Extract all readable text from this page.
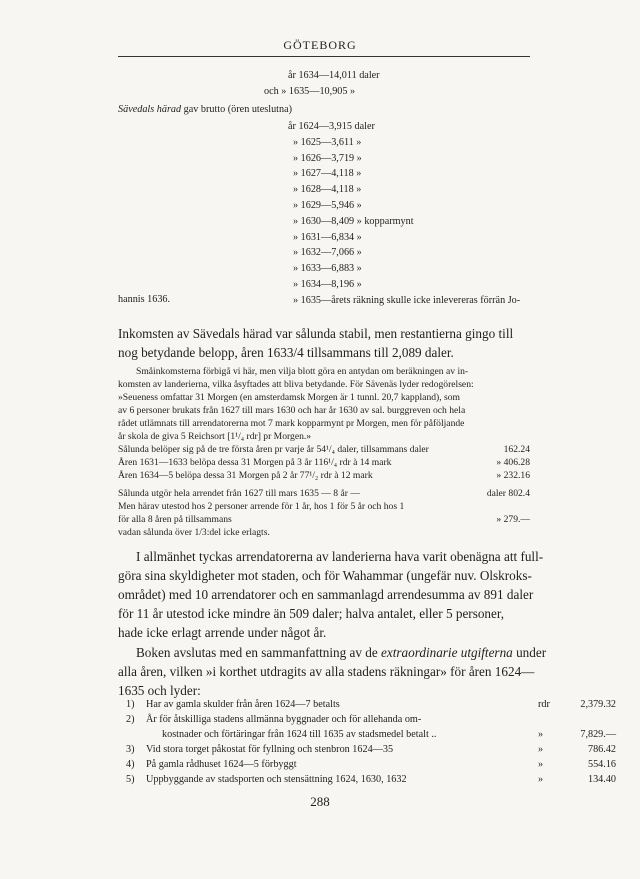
GÖTEBORG
år 1634—14,011 daler
och » 1635—10,905 »
Sävedals härad gav brutto (ören uteslutna)
år 1624—3,915 daler
» 1625—3,611 »
» 1626—3,719 »
» 1627—4,118 »
» 1628—4,118 »
» 1629—5,946 »
» 1630—8,409 » kopparmynt
» 1631—6,834 »
» 1632—7,066 »
» 1633—6,883 »
» 1634—8,196 »
» 1635—årets räkning skulle icke inlevereras förrän Jo-
hannis 1636.
Inkomsten av Sävedals härad var sålunda stabil, men restantierna gingo till
nog betydande belopp, åren 1633/4 tillsammans till 2,089 daler.
Småinkomsterna förbigå vi här, men vilja blott göra en antydan om beräkningen av in-
komsten av landerierna, vilka åsyftades att bliva betydande. För Sävenäs lyder redogörelsen:
»Seueness omfattar 31 Morgen (en amsterdamsk Morgen är 1 tunnl. 20,7 kappland), som
av 6 personer brukats från 1627 till mars 1630 och har år 1630 av sal. burggreven och hela
rådet utlämnats till arrendatorerna mot 7 mark kopparmynt pr Morgen, men för påföljande
år skola de giva 5 Reichsort [1¹/₄ rdr] pr Morgen.»
Sålunda belöper sig på de tre första åren pr varje år 54¹/₄ daler, tillsammans daler	162.24
Åren 1631—1633 belöpa dessa 31 Morgen på 3 år 116¹/₄ rdr à 14 mark	» 406.28
Åren 1634—5 belöpa dessa 31 Morgen på 2 år 77¹/₂ rdr à 12 mark	» 232.16
Sålunda utgör hela arrendet från 1627 till mars 1635 — 8 år —	daler 802.4
Men härav utestod hos 2 personer arrende för 1 år, hos 1 för 5 år och hos 1
för alla 8 åren på tillsammans	» 279.—
vadan sålunda över 1/3:del icke erlagts.
I allmänhet tyckas arrendatorerna av landerierna hava varit obenägna att full-
göra sina skyldigheter mot staden, och för Wahammar (ungefär nuv. Olskroks-
området) med 10 arrendatorer och en sammanlagd arrendesumma av 891 daler
för 11 år utestod icke mindre än 509 daler; halva antalet, eller 5 personer,
hade icke erlagt arrende under något år.
Boken avslutas med en sammanfattning av de extraordinarie utgifterna under
alla åren, vilken »i korthet utdragits av alla stadens räkningar» för åren 1624—
1635 och lyder:
1) Har av gamla skulder från åren 1624—7 betalts	rdr	2,379.32
2) År för åtskilliga stadens allmänna byggnader och för allehanda om-
kostnader och förtäringar från 1624 till 1635 av stadsmedel betalt ..	»	7,829.—
3) Vid stora torget påkostat för fyllning och stenbron 1624—35	»	786.42
4) På gamla rådhuset 1624—5 förbyggt	»	554.16
5) Uppbyggande av stadsporten och stensättning 1624, 1630, 1632	»	134.40
288
